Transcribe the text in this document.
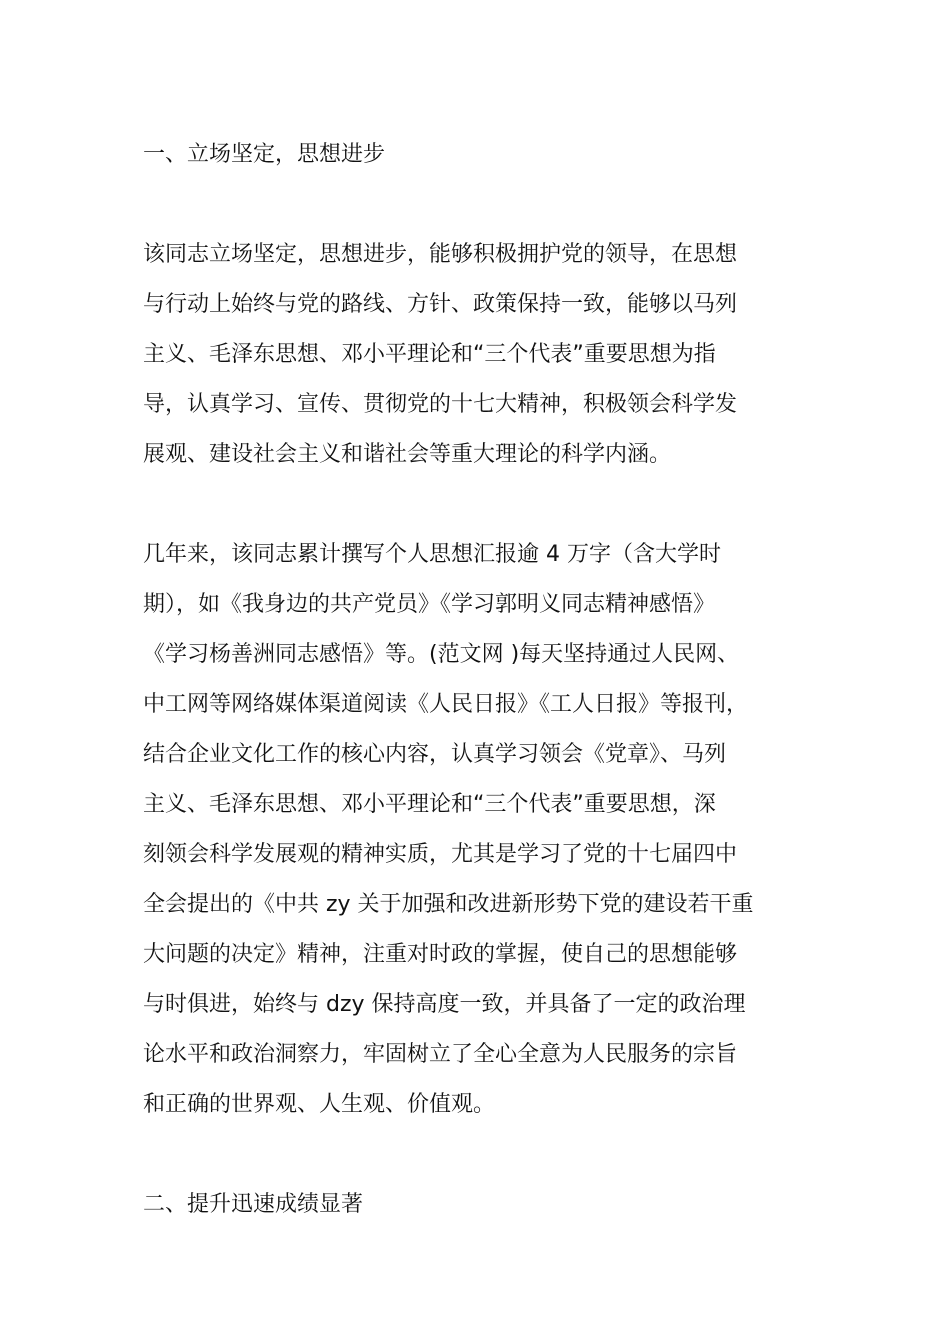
一、立场坚定，思想进步
该同志立场坚定，思想进步，能够积极拥护党的领导，在思想
与行动上始终与党的路线、方针、政策保持一致，能够以马列
主义、毛泽东思想、邓小平理论和“三个代表”重要思想为指
导，认真学习、宣传、贯彻党的十七大精神，积极领会科学发
展观、建设社会主义和谐社会等重大理论的科学内涵。
几年来，该同志累计撰写个人思想汇报逾 4 万字（含大学时
期），如《我身边的共产党员》《学习郭明义同志精神感悟》
《学习杨善洲同志感悟》等。(范文网 )每天坚持通过人民网、
中工网等网络媒体渠道阅读《人民日报》《工人日报》等报刊，
结合企业文化工作的核心内容，认真学习领会《党章》、马列
主义、毛泽东思想、邓小平理论和“三个代表”重要思想，深
刻领会科学发展观的精神实质，尤其是学习了党的十七届四中
全会提出的《中共 zy 关于加强和改进新形势下党的建设若干重
大问题的决定》精神，注重对时政的掌握，使自己的思想能够
与时俱进，始终与 dzy 保持高度一致，并具备了一定的政治理
论水平和政治洞察力，牢固树立了全心全意为人民服务的宗旨
和正确的世界观、人生观、价值观。
二、提升迅速成绩显著
